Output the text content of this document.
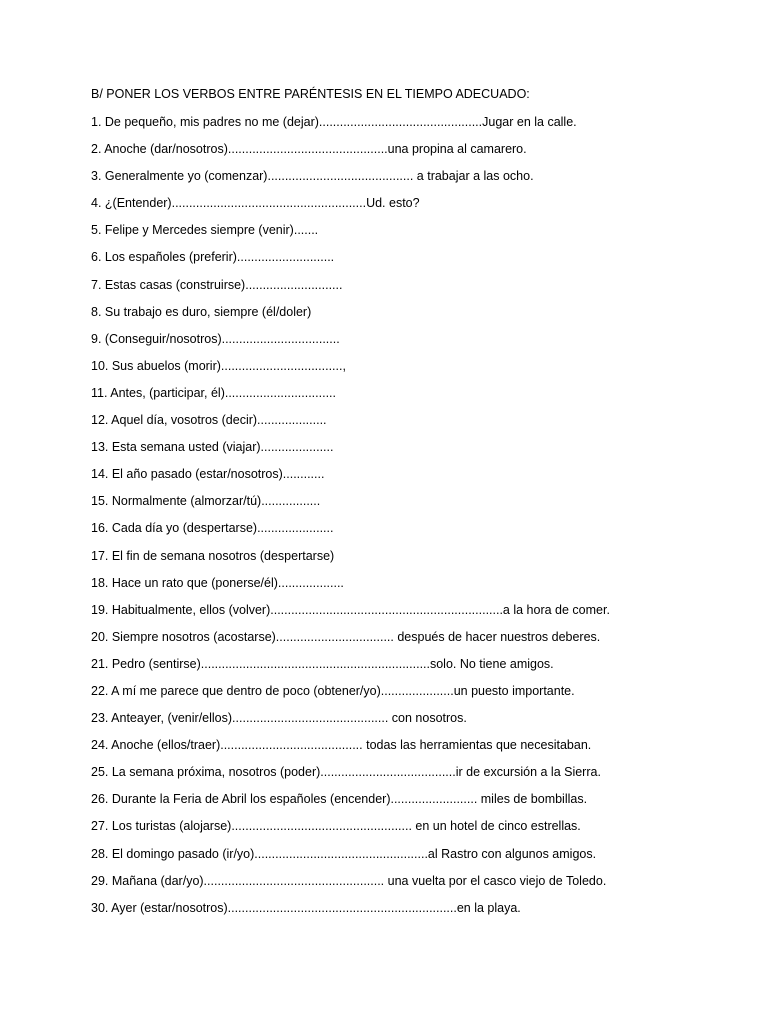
B/ PONER LOS VERBOS ENTRE PARÉNTESIS EN EL TIEMPO ADECUADO:
1. De pequeño, mis padres no me (dejar)...............................................Jugar en la calle.
2. Anoche (dar/nosotros)..............................................una propina al camarero.
3. Generalmente yo (comenzar).......................................... a trabajar a las ocho.
4. ¿(Entender)........................................................Ud. esto?
5. Felipe y Mercedes siempre (venir).......
6. Los españoles (preferir)............................
7. Estas casas (construirse)............................
8. Su trabajo es duro, siempre (él/doler)
9. (Conseguir/nosotros)..................................
10. Sus abuelos (morir)...................................,
11. Antes, (participar, él)................................
12. Aquel día, vosotros (decir)....................
13. Esta semana usted (viajar).....................
14. El año pasado (estar/nosotros)............
15. Normalmente (almorzar/tú).................
16. Cada día yo (despertarse)......................
17. El fin de semana nosotros (despertarse)
18. Hace un rato que (ponerse/él)...................
19. Habitualmente, ellos (volver)...................................................................a la hora de comer.
20. Siempre nosotros (acostarse).................................. después de hacer nuestros deberes.
21. Pedro (sentirse)..................................................................solo. No tiene amigos.
22. A mí me parece que dentro de poco (obtener/yo).....................un puesto importante.
23. Anteayer, (venir/ellos)............................................. con nosotros.
24. Anoche (ellos/traer)......................................... todas las herramientas que necesitaban.
25. La semana próxima, nosotros (poder).......................................ir de excursión a la Sierra.
26. Durante la Feria de Abril los españoles (encender)......................... miles de bombillas.
27. Los turistas (alojarse).................................................... en un hotel de cinco estrellas.
28. El domingo pasado (ir/yo)..................................................al Rastro con algunos amigos.
29. Mañana (dar/yo).................................................... una vuelta por el casco viejo de Toledo.
30. Ayer (estar/nosotros)..................................................................en la playa.
